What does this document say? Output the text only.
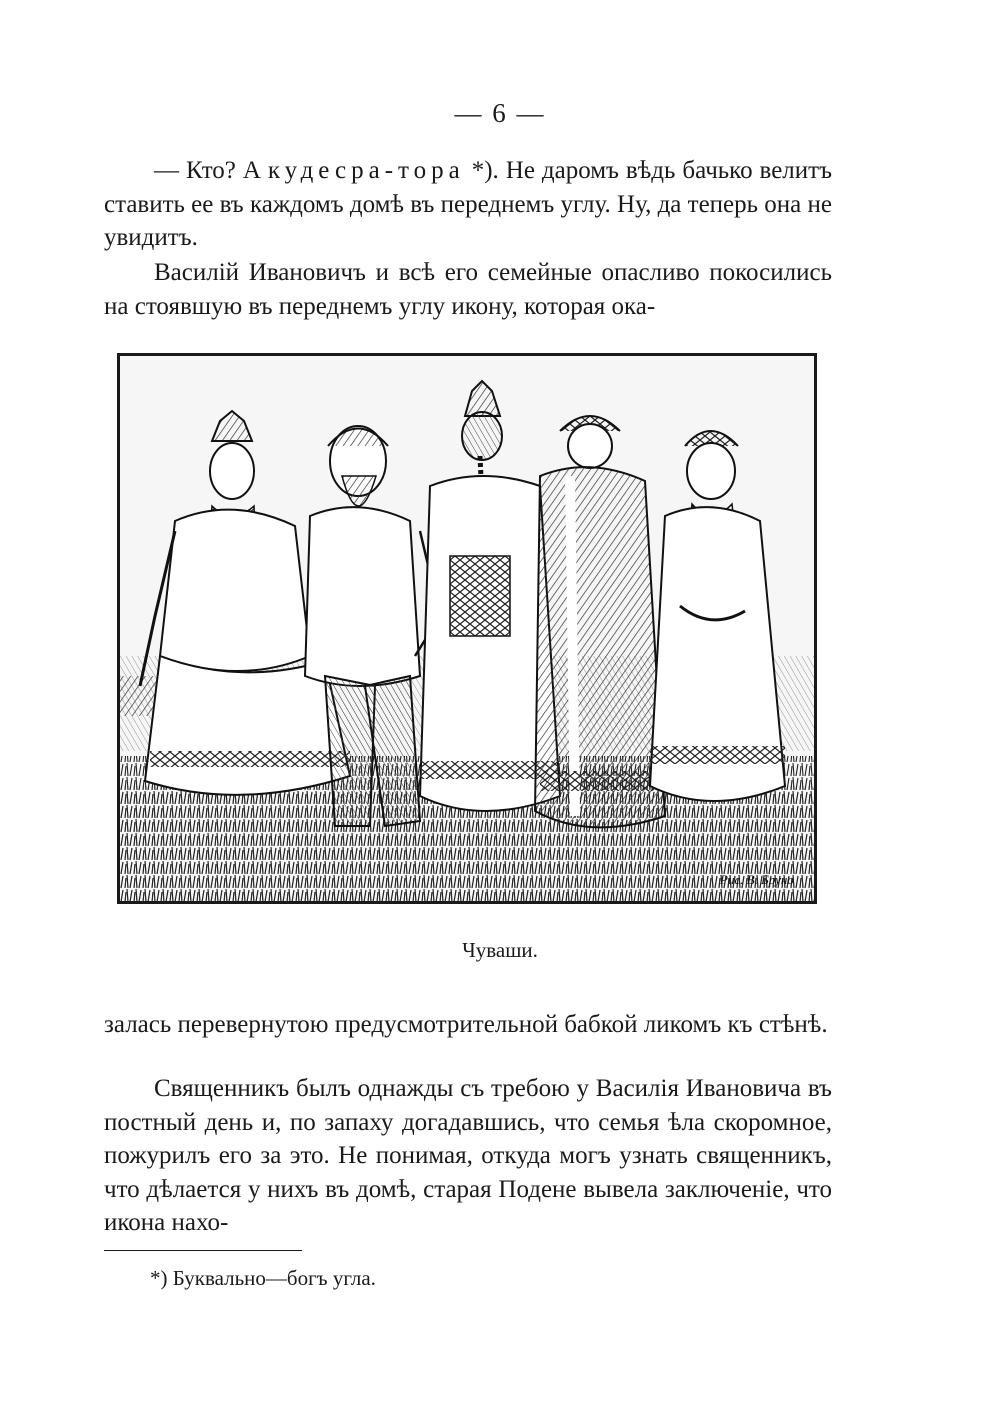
— 6 —

— Кто? А кудесра-тора *). Не даромъ вѣдь бачько велитъ ставить ее въ каждомъ домѣ въ переднемъ углу. Ну, да теперь она не увидитъ.

Василій Ивановичъ и всѣ его семейные опасливо покосились на стоявшую въ переднемъ углу икону, которая ока-

Рис. В. Бруно
Чуваши.

залась перевернутою предусмотрительной бабкой ликомъ къ стѣнѣ.

Священникъ былъ однажды съ требою у Василія Ивановича въ постный день и, по запаху догадавшись, что семья ѣла скоромное, пожурилъ его за это. Не понимая, откуда могъ узнать священникъ, что дѣлается у нихъ въ домѣ, старая Подене вывела заключеніе, что икона нахо-

*) Буквально—богъ угла.
